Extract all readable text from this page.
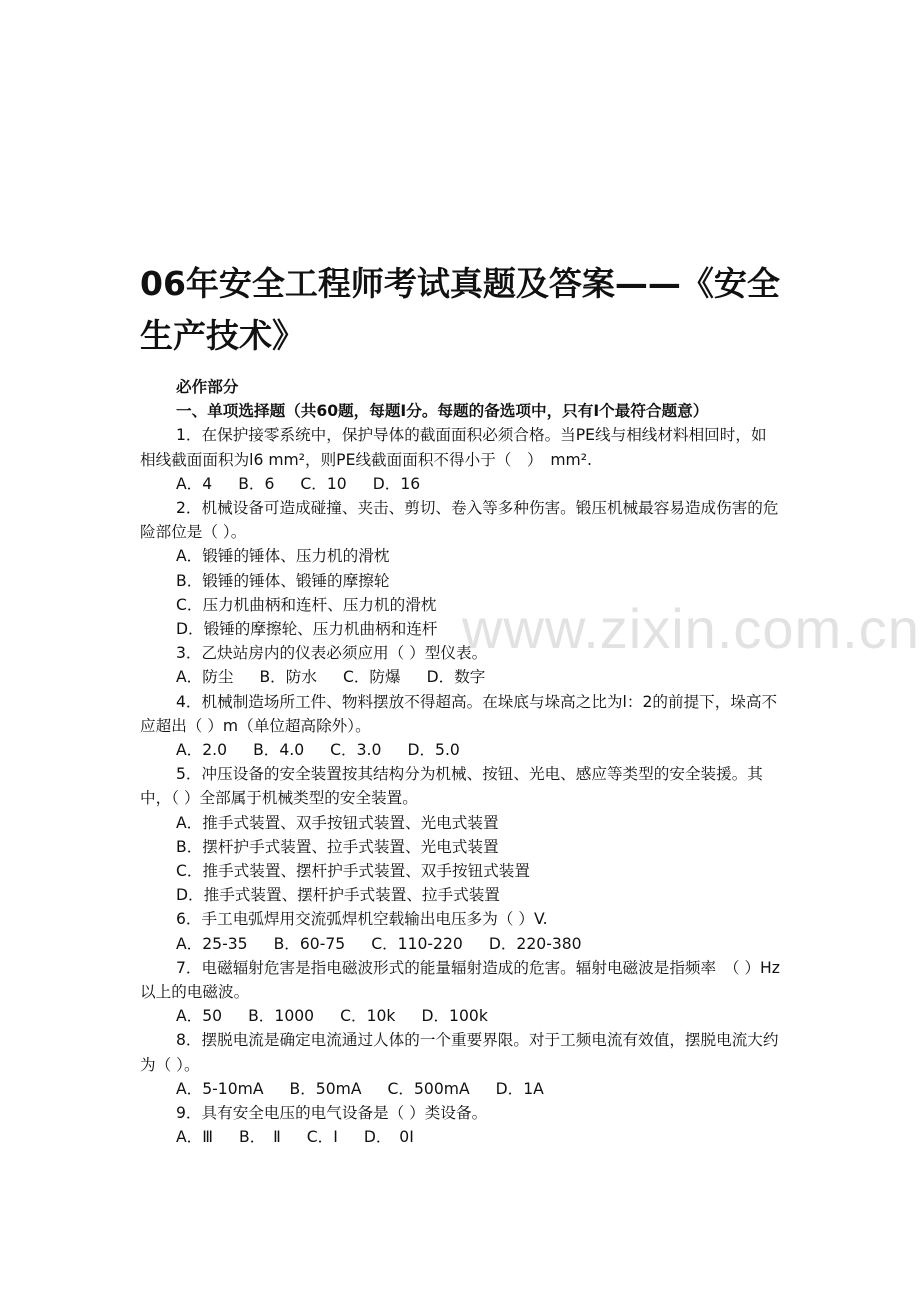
www.zixin.com.cn
06年安全工程师考试真题及答案——《安全生产技术》

必作部分

一、单项选择题（共60题，每题I分。每题的备选项中，只有I个最符合题意）

1．在保护接零系统中，保护导体的截面面积必须合格。当PE线与相线材料相回时，如相线截面面积为l6 mm²，则PE线截面面积不得小于（　）　mm².

A．4 B．6 C．10 D．16

2．机械设备可造成碰撞、夹击、剪切、卷入等多种伤害。锻压机械最容易造成伤害的危险部位是（ ）。

A．锻锤的锤体、压力机的滑枕

B．锻锤的锤体、锻锤的摩擦轮

C．压力机曲柄和连杆、压力机的滑枕

D．锻锤的摩擦轮、压力机曲柄和连杆

3．乙炔站房内的仪表必须应用（ ）型仪表。

A．防尘 B．防水 C．防爆 D．数字

4．机械制造场所工件、物料摆放不得超高。在垛底与垛高之比为l：2的前提下，垛高不应超出（ ）m（单位超高除外）。

A．2.0 B．4.0 C．3.0 D．5.0

5．冲压设备的安全装置按其结构分为机械、按钮、光电、感应等类型的安全装援。其中，（ ）全部属于机械类型的安全装置。

A．推手式装置、双手按钮式装置、光电式装置

B．摆杆护手式装置、拉手式装置、光电式装置

C．推手式装置、摆杆护手式装置、双手按钮式装置

D．推手式装置、摆杆护手式装置、拉手式装置

6．手工电弧焊用交流弧焊机空载输出电压多为（ ）V.

A．25-35 B．60-75 C．110-220 D．220-380

7．电磁辐射危害是指电磁波形式的能量辐射造成的危害。辐射电磁波是指频率　（ ）Hz以上的电磁波。

A．50 B．1000 C．10k D．100k

8．摆脱电流是确定电流通过人体的一个重要界限。对于工频电流有效值，摆脱电流大约为（ ）。

A．5-10mA B．50mA C．500mA D．1A

9．具有安全电压的电气设备是（ ）类设备。

A．Ⅲ B．　Ⅱ C．I D．　0I
